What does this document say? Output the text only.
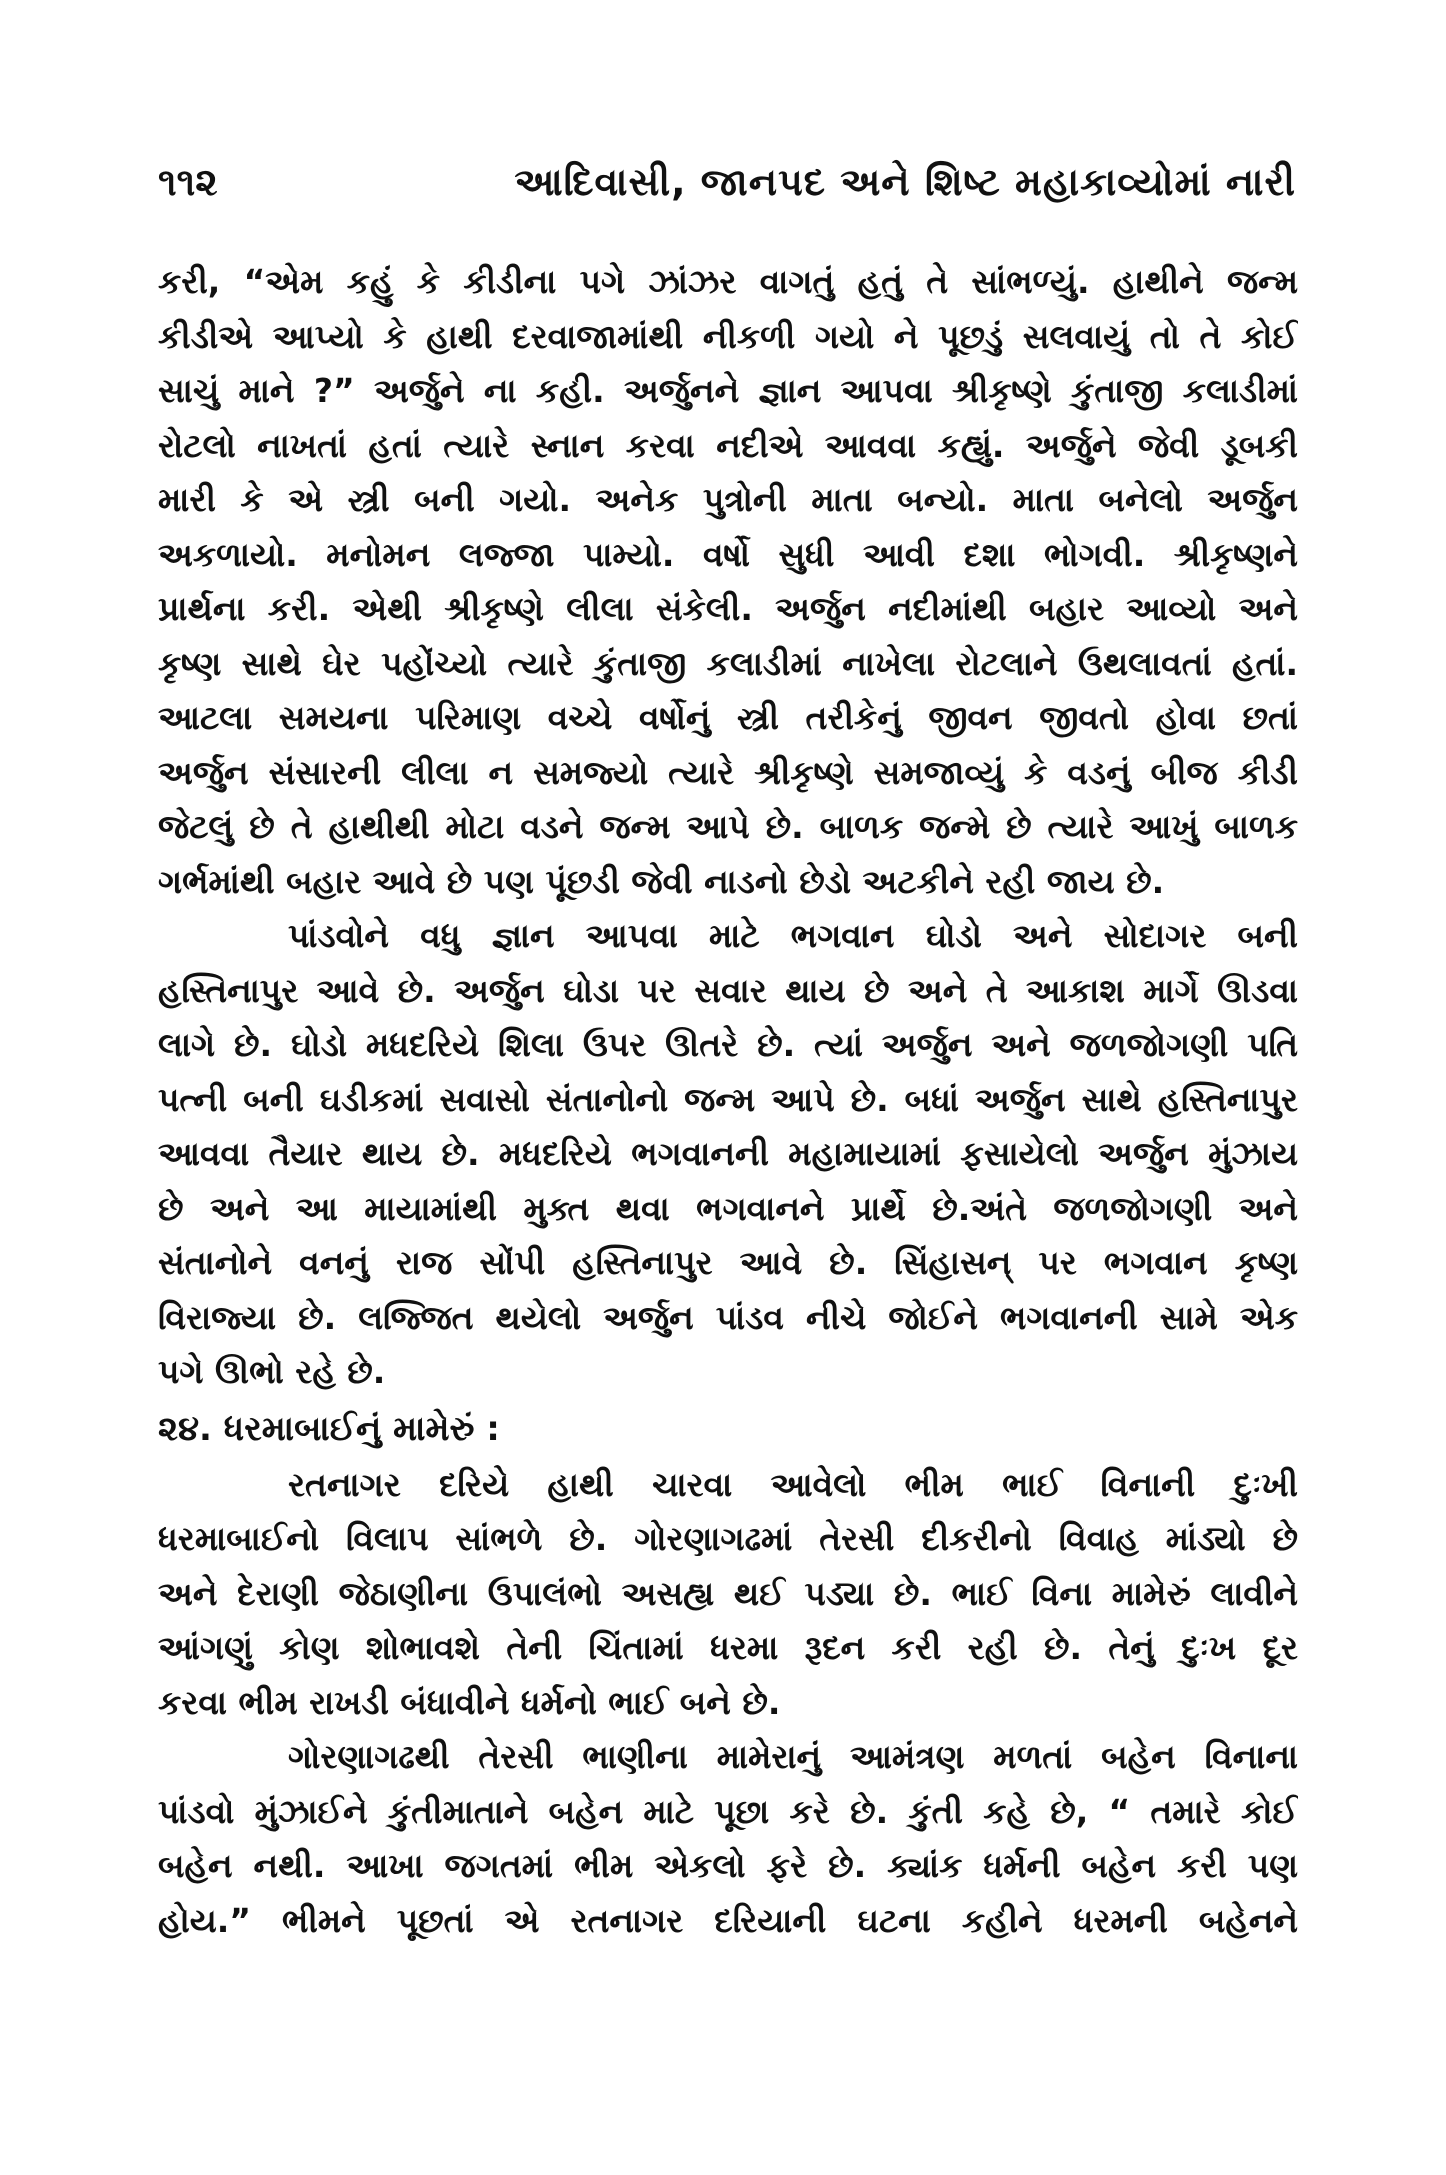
૧૧૨	આદિવાસી, જાનપદ અને શિષ્ટ મહાકાવ્યોમાં નારી
કરી, “એમ કહું કે કીડીના પગે ઝાંઝર વાગતું હતું તે સાંભળ્યું. હાથીને જન્મ
કીડીએ આપ્યો કે હાથી દરવાજામાંથી નીકળી ગયો ને પૂછડું સલવાયું તો તે કોઈ
સાચું માને ?” અર્જુને ના કહી. અર્જુનને જ્ઞાન આપવા શ્રીકૃષ્ણે કુંતાજી કલાડીમાં
રોટલો નાખતાં હતાં ત્યારે સ્નાન કરવા નદીએ આવવા કહ્યું. અર્જુને જેવી ડૂબકી
મારી કે એ સ્ત્રી બની ગયો. અનેક પુત્રોની માતા બન્યો. માતા બનેલો અર્જુન
અકળાયો. મનોમન લજ્જા પામ્યો. વર્ષો સુધી આવી દશા ભોગવી. શ્રીકૃષ્ણને
પ્રાર્થના કરી. એથી શ્રીકૃષ્ણે લીલા સંકેલી. અર્જુન નદીમાંથી બહાર આવ્યો અને
કૃષ્ણ સાથે ઘેર પહોંચ્યો ત્યારે કુંતાજી કલાડીમાં નાખેલા રોટલાને ઉથલાવતાં હતાં.
આટલા સમયના પરિમાણ વચ્ચે વર્ષોનું સ્ત્રી તરીકેનું જીવન જીવતો હોવા છતાં
અર્જુન સંસારની લીલા ન સમજ્યો ત્યારે શ્રીકૃષ્ણે સમજાવ્યું કે વડનું બીજ કીડી
જેટલું છે તે હાથીથી મોટા વડને જન્મ આપે છે. બાળક જન્મે છે ત્યારે આખું બાળક
ગર્ભમાંથી બહાર આવે છે પણ પૂંછડી જેવી નાડનો છેડો અટકીને રહી જાય છે.
પાંડવોને વધુ જ્ઞાન આપવા માટે ભગવાન ઘોડો અને સોદાગર બની
હસ્તિનાપુર આવે છે. અર્જુન ઘોડા પર સવાર થાય છે અને તે આકાશ માર્ગે ઊડવા
લાગે છે. ઘોડો મધદરિયે શિલા ઉપર ઊતરે છે. ત્યાં અર્જુન અને જળજોગણી પતિ
પત્ની બની ઘડીકમાં સવાસો સંતાનોનો જન્મ આપે છે. બધાં અર્જુન સાથે હસ્તિનાપુર
આવવા તૈયાર થાય છે. મધદરિયે ભગવાનની મહામાયામાં ફસાયેલો અર્જુન મુંઝાય
છે અને આ માયામાંથી મુક્ત થવા ભગવાનને પ્રાર્થે છે.અંતે જળજોગણી અને
સંતાનોને વનનું રાજ સોંપી હસ્તિનાપુર આવે છે. સિંહાસન્ પર ભગવાન કૃષ્ણ
વિરાજ્યા છે. લજ્જિત થયેલો અર્જુન પાંડવ નીચે જોઈને ભગવાનની સામે એક
પગે ઊભો રહે છે.
૨૪. ધરમાબાઈનું મામેરું :
રતનાગર દરિયે હાથી ચારવા આવેલો ભીમ ભાઈ વિનાની દુઃખી
ધરમાબાઈનો વિલાપ સાંભળે છે. ગોરણાગઢમાં તેરસી દીકરીનો વિવાહ માંડ્યો છે
અને દેરાણી જેઠાણીના ઉપાલંભો અસહ્ય થઈ પડ્યા છે. ભાઈ વિના મામેરું લાવીને
આંગણું કોણ શોભાવશે તેની ચિંતામાં ધરમા રૂદન કરી રહી છે. તેનું દુઃખ દૂર
કરવા ભીમ રાખડી બંધાવીને ધર્મનો ભાઈ બને છે.
ગોરણાગઢથી તેરસી ભાણીના મામેરાનું આમંત્રણ મળતાં બહેન વિનાના
પાંડવો મુંઝાઈને કુંતીમાતાને બહેન માટે પૂછા કરે છે. કુંતી કહે છે, “ તમારે કોઈ
બહેન નથી. આખા જગતમાં ભીમ એકલો ફરે છે. ક્યાંક ધર્મની બહેન કરી પણ
હોય.” ભીમને પૂછતાં એ રતનાગર દરિયાની ઘટના કહીને ધરમની બહેનને
